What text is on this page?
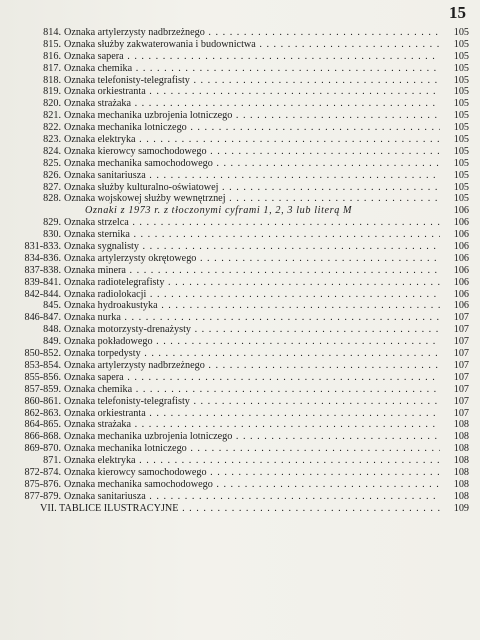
15
814. Oznaka artylerzysty nadbrzeżnego . . .	105
815. Oznaka służby zakwaterowania i budownictwa . . .	105
816. Oznaka sapera . . .	105
817. Oznaka chemika . . .	105
818. Oznaka telefonisty-telegrafisty . . .	105
819. Oznaka orkiestranta . . .	105
820. Oznaka strażaka . . .	105
821. Oznaka mechanika uzbrojenia lotniczego . . .	105
822. Oznaka mechanika lotniczego . . .	105
823. Oznaka elektryka . . .	105
824. Oznaka kierowcy samochodowego . . .	105
825. Oznaka mechanika samochodowego . . .	105
826. Oznaka sanitariusza . . .	105
827. Oznaka służby kulturalno-oświatowej . . .	105
828. Oznaka wojskowej służby wewnętrznej . . .	105
Oznaki z 1973 r. z tłoczonymi cyframi 1, 2, 3 lub literą M	106
829. Oznaka strzelca . . .	106
830. Oznaka sternika . . .	106
831-833. Oznaka sygnalisty . . .	106
834-836. Oznaka artylerzysty okrętowego . . .	106
837-838. Oznaka minera . . .	106
839-841. Oznaka radiotelegrafisty . . .	106
842-844. Oznaka radiolokacji . . .	106
845. Oznaka hydroakustyka . . .	106
846-847. Oznaka nurka . . .	107
848. Oznaka motorzysty-drenażysty . . .	107
849. Oznaka pokładowego . . .	107
850-852. Oznaka torpedysty . . .	107
853-854. Oznaka artylerzysty nadbrzeżnego . . .	107
855-856. Oznaka sapera . . .	107
857-859. Oznaka chemika . . .	107
860-861. Oznaka telefonisty-telegrafisty . . .	107
862-863. Oznaka orkiestranta . . .	107
864-865. Oznaka strażaka . . .	108
866-868. Oznaka mechanika uzbrojenia lotniczego . . .	108
869-870. Oznaka mechanika lotniczego . . .	108
871. Oznaka elektryka . . .	108
872-874. Oznaka kierowcy samochodowego . . .	108
875-876. Oznaka mechanika samochodowego . . .	108
877-879. Oznaka sanitariusza . . .	108
VII. TABLICE ILUSTRACYJNE . . .	109
